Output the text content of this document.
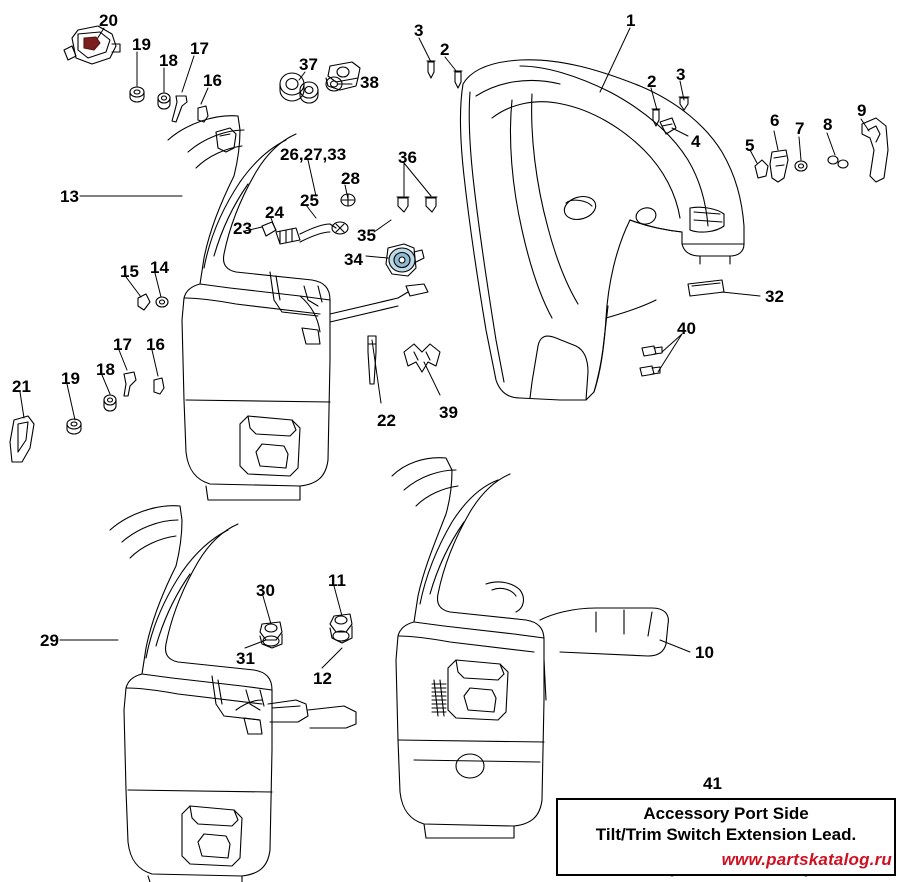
20
19
18
17
16
37
38
3
2
1
2 3
4	5
6 7 8
9
13
26,27,33
28
25
24
23
36
35
34
32
40
15 14
17 16
18
19
21
22	39
29
30
31
11
12
10
41
Accessory Port Side
Tilt/Trim Switch Extension Lead.
www.partskatalog.ru
